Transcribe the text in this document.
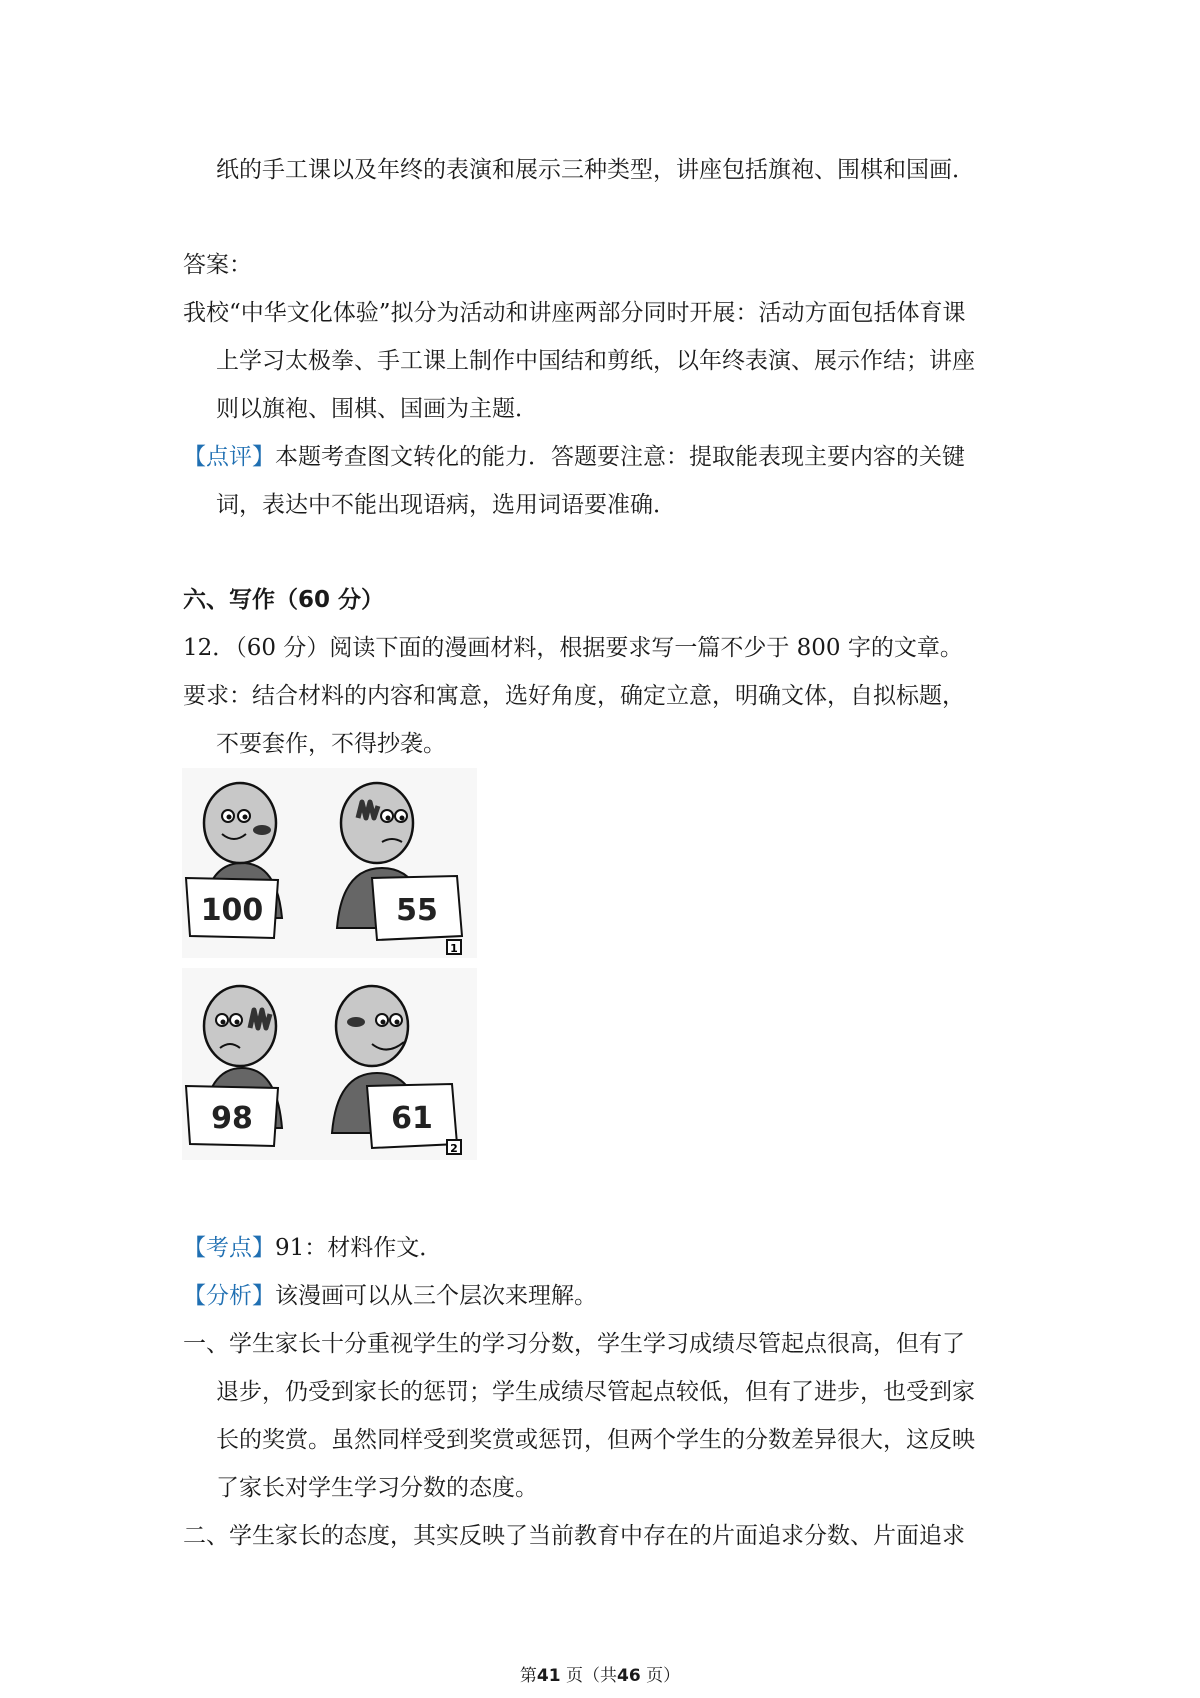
纸的手工课以及年终的表演和展示三种类型，讲座包括旗袍、围棋和国画．
答案：
我校“中华文化体验”拟分为活动和讲座两部分同时开展：活动方面包括体育课
上学习太极拳、手工课上制作中国结和剪纸，以年终表演、展示作结；讲座
则以旗袍、围棋、国画为主题．
【点评】本题考查图文转化的能力．答题要注意：提取能表现主要内容的关键
词，表达中不能出现语病，选用词语要准确．
六、写作（60 分）
12．（60 分）阅读下面的漫画材料，根据要求写一篇不少于 800 字的文章。
要求：结合材料的内容和寓意，选好角度，确定立意，明确文体，自拟标题，
不要套作，不得抄袭。
100	55
1
98	61
2
【考点】91：材料作文．
【分析】该漫画可以从三个层次来理解。
一、学生家长十分重视学生的学习分数，学生学习成绩尽管起点很高，但有了
退步，仍受到家长的惩罚；学生成绩尽管起点较低，但有了进步，也受到家
长的奖赏。虽然同样受到奖赏或惩罚，但两个学生的分数差异很大，这反映
了家长对学生学习分数的态度。
二、学生家长的态度，其实反映了当前教育中存在的片面追求分数、片面追求
第41 页（共46 页）
